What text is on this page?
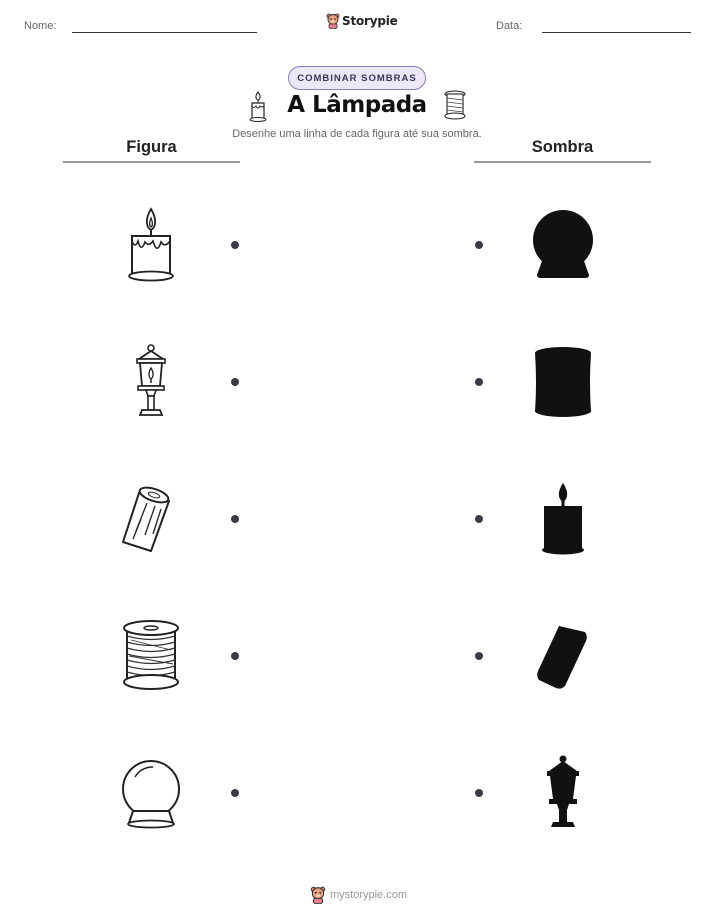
Nome:	Data:
Storypie
COMBINAR SOMBRAS
A Lâmpada
Desenhe uma linha de cada figura até sua sombra.
Figura	Sombra
mystorypie.com
